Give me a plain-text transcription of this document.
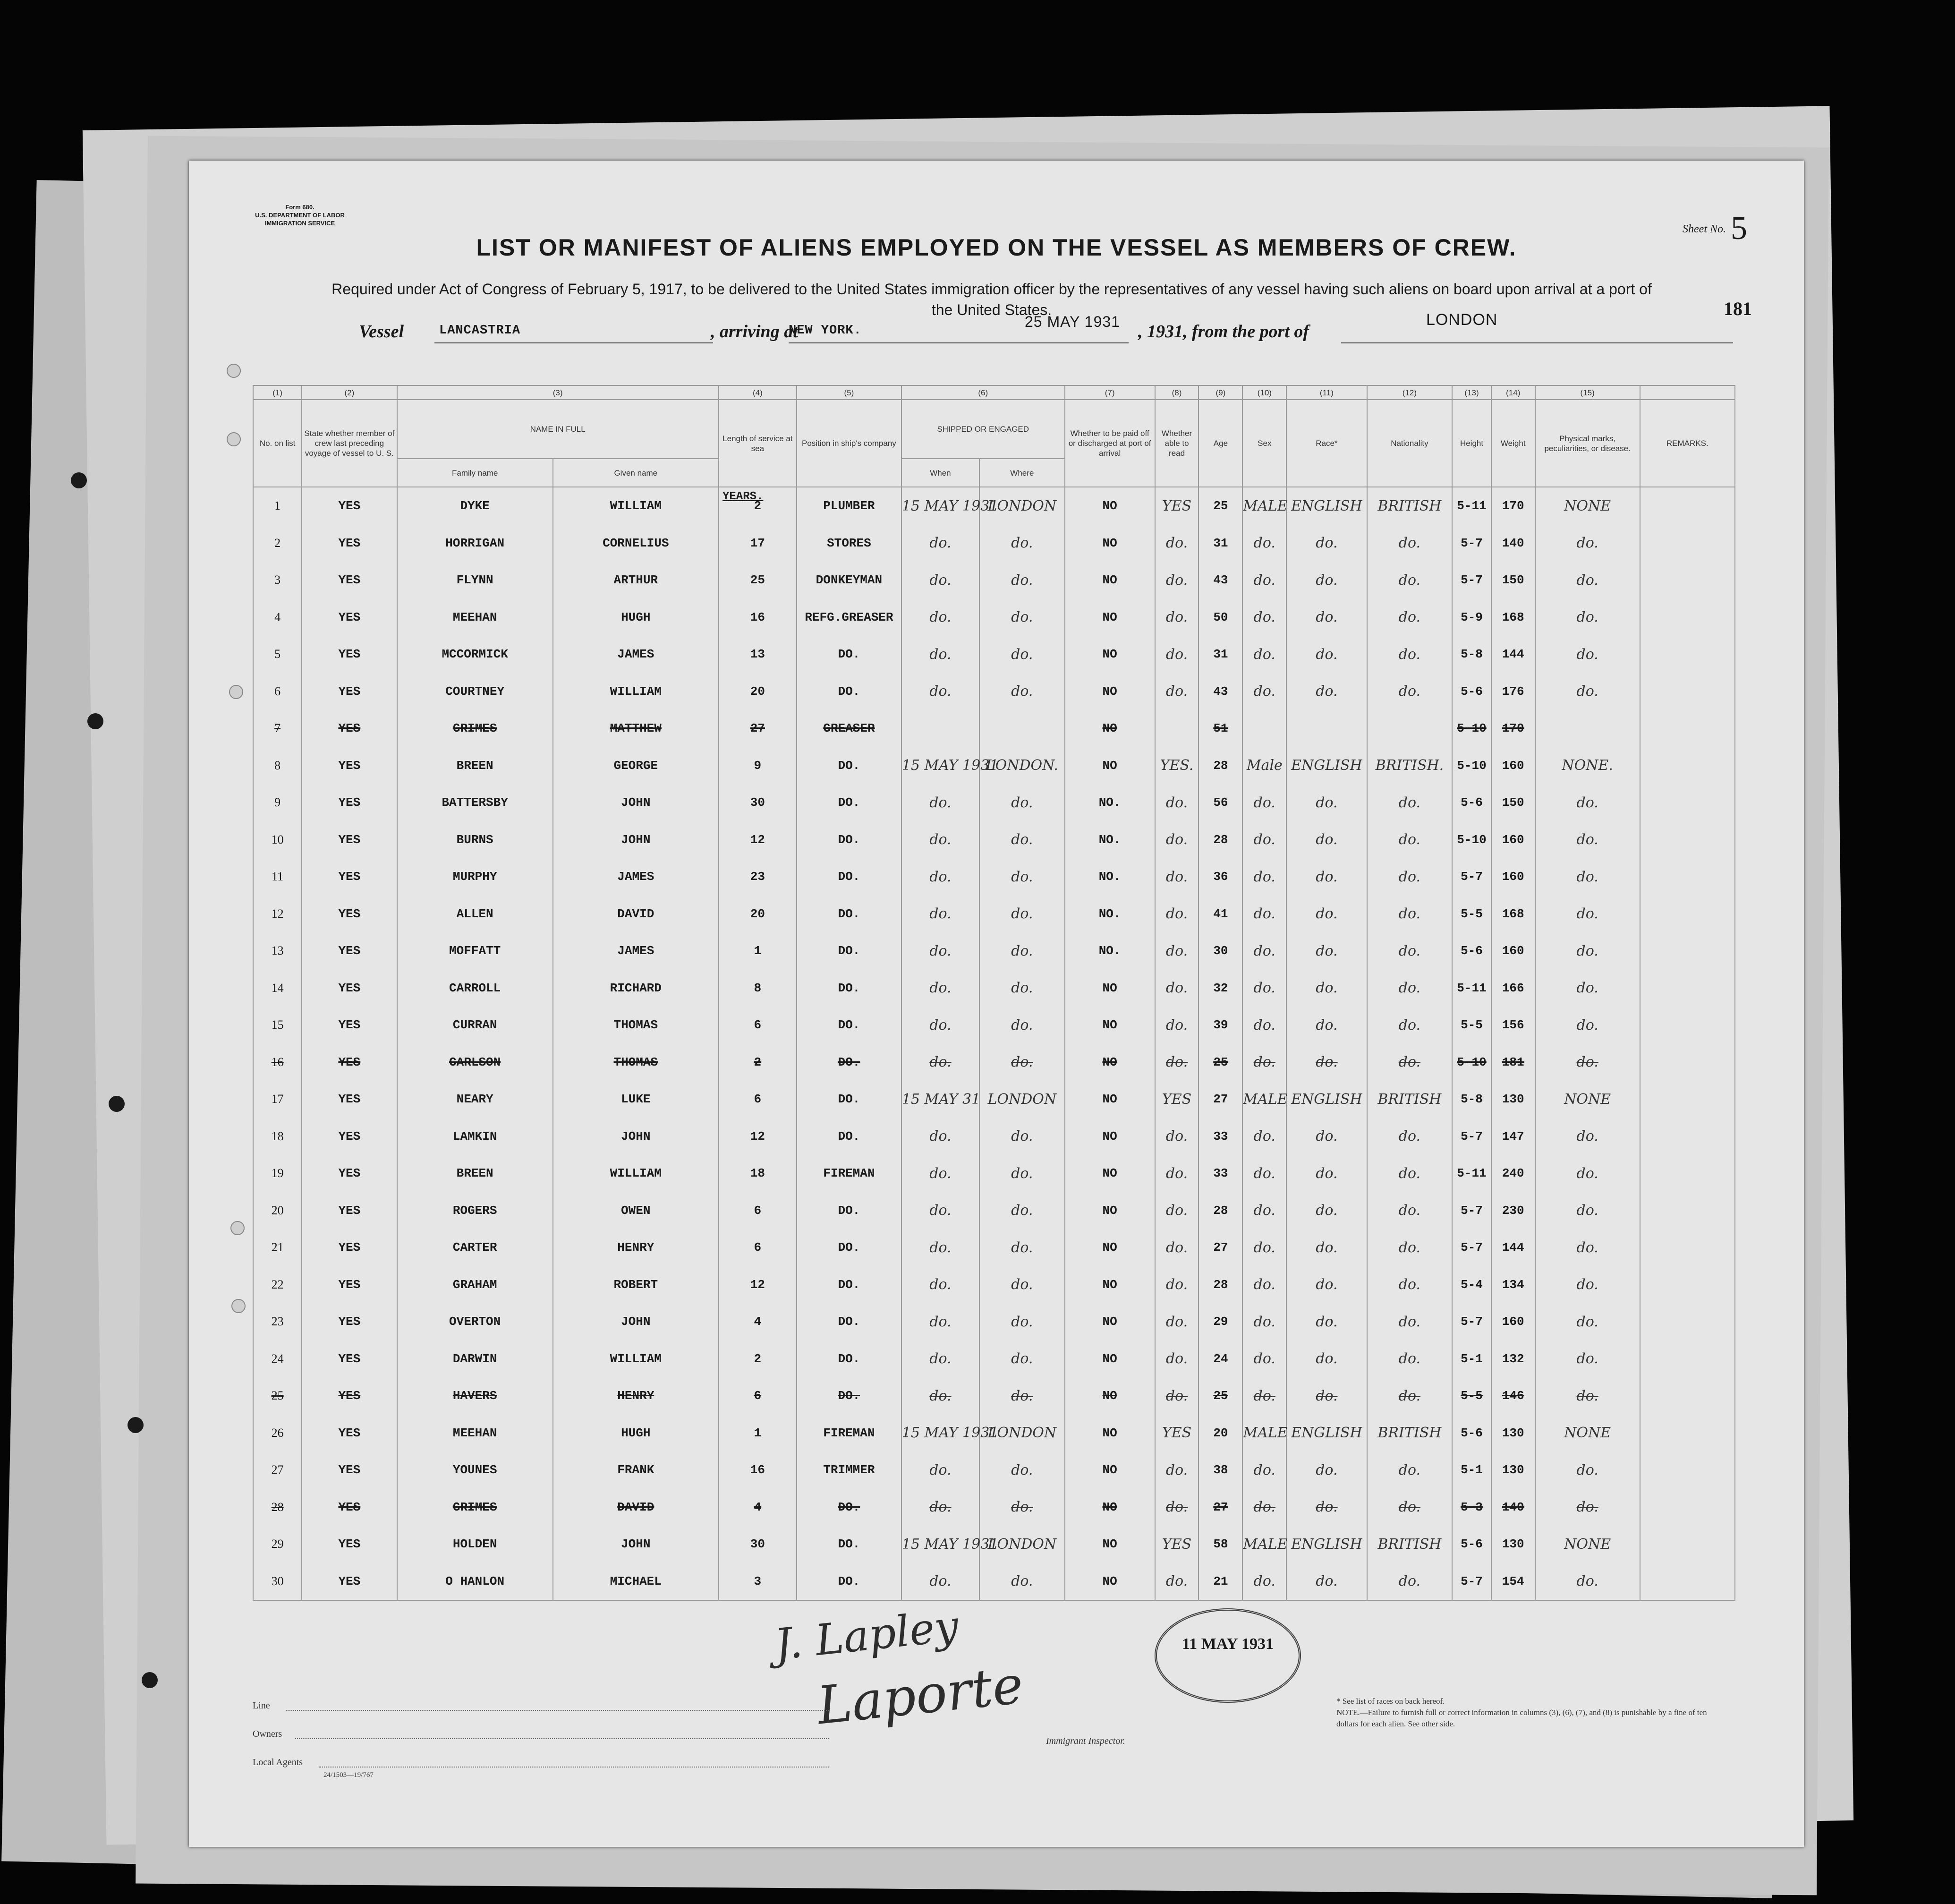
Form 680.
U.S. DEPARTMENT OF LABOR
IMMIGRATION SERVICE	Sheet No. 5
LIST OR MANIFEST OF ALIENS EMPLOYED ON THE VESSEL AS MEMBERS OF CREW.
Required under Act of Congress of February 5, 1917, to be delivered to the United States immigration officer by the representatives of any vessel having such aliens on board upon arrival at a port of the United States.	181
Vessel	LANCASTRIA	, arriving at
NEW YORK.
25 MAY 1931 , 1931, from the port of
LONDON
(1)	(2)	(3)		(4)	(5)	(6)		(7)	(8)	(9)	(10)	(11)	(12)	(13)	(14)	(15)	
No. on list	State whether member of crew last preceding voyage of vessel to U. S.	NAME IN FULL		Length of service at sea	Position in ship's company	SHIPPED OR ENGAGED		Whether to be paid off or discharged at port of arrival	Whether able to read	Age	Sex	Race*	Nationality	Height	Weight	Physical marks, peculiarities, or disease.	REMARKS.
		Family name	Given name			When	Where										
1	YES	DYKE	WILLIAM	2	PLUMBER	15 MAY 1931	LONDON	NO	YES	25	MALE	ENGLISH	BRITISH	5-11	170	NONE	
2	YES	HORRIGAN	CORNELIUS	17	STORES	do.	do.	NO	do.	31	do.	do.	do.	5-7	140	do.	
3	YES	FLYNN	ARTHUR	25	DONKEYMAN	do.	do.	NO	do.	43	do.	do.	do.	5-7	150	do.	
4	YES	MEEHAN	HUGH	16	REFG.GREASER	do.	do.	NO	do.	50	do.	do.	do.	5-9	168	do.	
5	YES	MCCORMICK	JAMES	13	DO.	do.	do.	NO	do.	31	do.	do.	do.	5-8	144	do.	
6	YES	COURTNEY	WILLIAM	20	DO.	do.	do.	NO	do.	43	do.	do.	do.	5-6	176	do.	
7	YES	GRIMES	MATTHEW	27	GREASER			NO		51				5-10	170		
8	YES	BREEN	GEORGE	9	DO.	15 MAY 1931	LONDON.	NO	YES.	28	Male	ENGLISH	BRITISH.	5-10	160	NONE.	
9	YES	BATTERSBY	JOHN	30	DO.	do.	do.	NO.	do.	56	do.	do.	do.	5-6	150	do.	
10	YES	BURNS	JOHN	12	DO.	do.	do.	NO.	do.	28	do.	do.	do.	5-10	160	do.	
11	YES	MURPHY	JAMES	23	DO.	do.	do.	NO.	do.	36	do.	do.	do.	5-7	160	do.	
12	YES	ALLEN	DAVID	20	DO.	do.	do.	NO.	do.	41	do.	do.	do.	5-5	168	do.	
13	YES	MOFFATT	JAMES	1	DO.	do.	do.	NO.	do.	30	do.	do.	do.	5-6	160	do.	
14	YES	CARROLL	RICHARD	8	DO.	do.	do.	NO	do.	32	do.	do.	do.	5-11	166	do.	
15	YES	CURRAN	THOMAS	6	DO.	do.	do.	NO	do.	39	do.	do.	do.	5-5	156	do.	
16	YES	CARLSON	THOMAS	2	DO.	do.	do.	NO	do.	25	do.	do.	do.	5-10	181	do.	
17	YES	NEARY	LUKE	6	DO.	15 MAY 31	LONDON	NO	YES	27	MALE	ENGLISH	BRITISH	5-8	130	NONE	
18	YES	LAMKIN	JOHN	12	DO.	do.	do.	NO	do.	33	do.	do.	do.	5-7	147	do.	
19	YES	BREEN	WILLIAM	18	FIREMAN	do.	do.	NO	do.	33	do.	do.	do.	5-11	240	do.	
20	YES	ROGERS	OWEN	6	DO.	do.	do.	NO	do.	28	do.	do.	do.	5-7	230	do.	
21	YES	CARTER	HENRY	6	DO.	do.	do.	NO	do.	27	do.	do.	do.	5-7	144	do.	
22	YES	GRAHAM	ROBERT	12	DO.	do.	do.	NO	do.	28	do.	do.	do.	5-4	134	do.	
23	YES	OVERTON	JOHN	4	DO.	do.	do.	NO	do.	29	do.	do.	do.	5-7	160	do.	
24	YES	DARWIN	WILLIAM	2	DO.	do.	do.	NO	do.	24	do.	do.	do.	5-1	132	do.	
25	YES	HAVERS	HENRY	6	DO.	do.	do.	NO	do.	25	do.	do.	do.	5-5	146	do.	
26	YES	MEEHAN	HUGH	1	FIREMAN	15 MAY 1931	LONDON	NO	YES	20	MALE	ENGLISH	BRITISH	5-6	130	NONE	
27	YES	YOUNES	FRANK	16	TRIMMER	do.	do.	NO	do.	38	do.	do.	do.	5-1	130	do.	
28	YES	GRIMES	DAVID	4	DO.	do.	do.	NO	do.	27	do.	do.	do.	5-3	140	do.	
29	YES	HOLDEN	JOHN	30	DO.	15 MAY 1931	LONDON	NO	YES	58	MALE	ENGLISH	BRITISH	5-6	130	NONE	
30	YES	O HANLON	MICHAEL	3	DO.	do.	do.	NO	do.	21	do.	do.	do.	5-7	154	do.	
YEARS.
J. Lapley
Laporte
11 MAY 1931
Line
Owners
Local Agents
24/1503—19/767
Immigrant Inspector.
* See list of races on back hereof.
NOTE.—Failure to furnish full or correct information in columns (3), (6), (7), and (8) is punishable by a fine of ten dollars for each alien. See other side.
